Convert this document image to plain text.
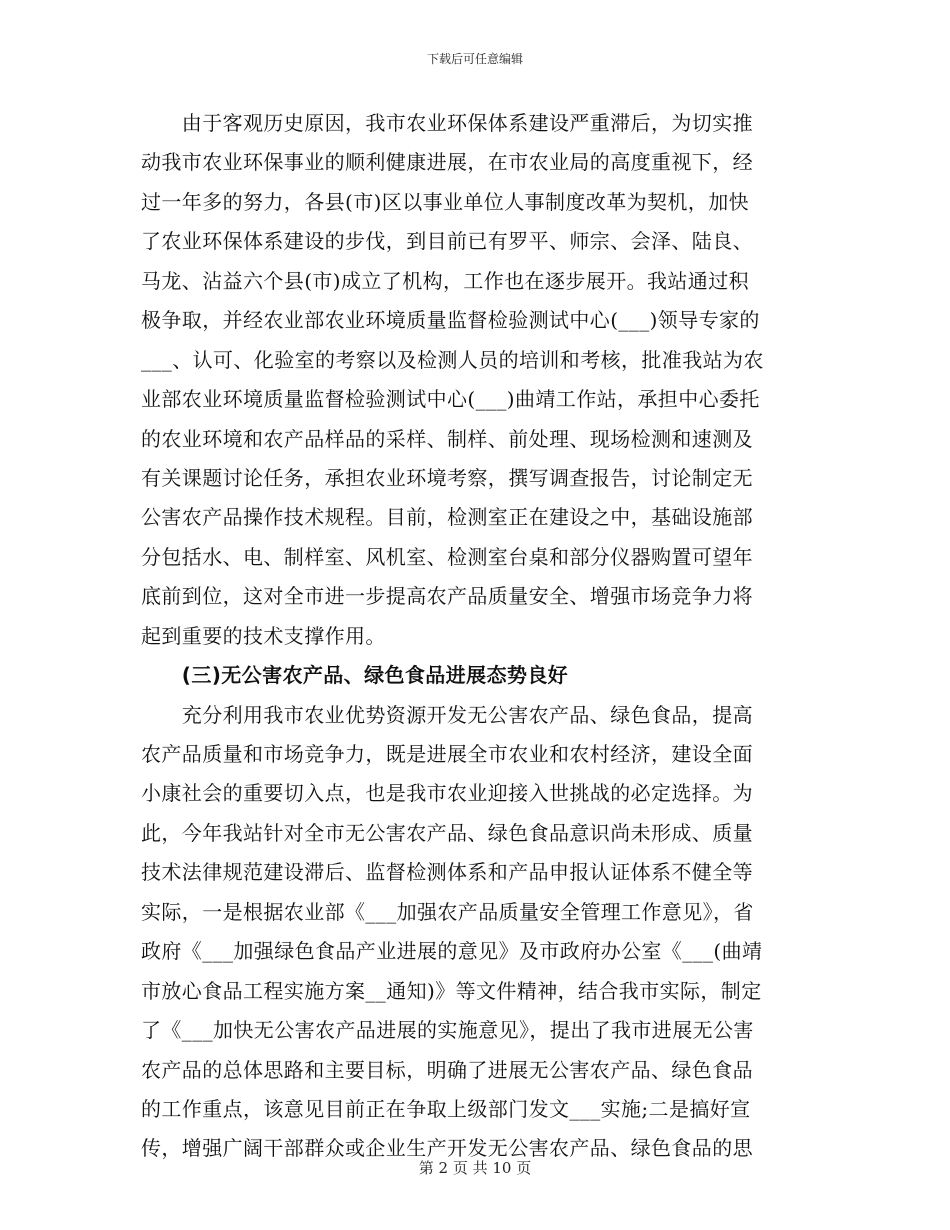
下载后可任意编辑
　　由于客观历史原因，我市农业环保体系建设严重滞后，为切实推
动我市农业环保事业的顺利健康进展，在市农业局的高度重视下，经
过一年多的努力，各县(市)区以事业单位人事制度改革为契机，加快
了农业环保体系建设的步伐，到目前已有罗平、师宗、会泽、陆良、
马龙、沾益六个县(市)成立了机构，工作也在逐步展开。我站通过积
极争取，并经农业部农业环境质量监督检验测试中心(___)领导专家的
___、认可、化验室的考察以及检测人员的培训和考核，批准我站为农
业部农业环境质量监督检验测试中心(___)曲靖工作站，承担中心委托
的农业环境和农产品样品的采样、制样、前处理、现场检测和速测及
有关课题讨论任务，承担农业环境考察，撰写调查报告，讨论制定无
公害农产品操作技术规程。目前，检测室正在建设之中，基础设施部
分包括水、电、制样室、风机室、检测室台桌和部分仪器购置可望年
底前到位，这对全市进一步提高农产品质量安全、增强市场竞争力将
起到重要的技术支撑作用。
　　(三)无公害农产品、绿色食品进展态势良好
　　充分利用我市农业优势资源开发无公害农产品、绿色食品，提高
农产品质量和市场竞争力，既是进展全市农业和农村经济，建设全面
小康社会的重要切入点，也是我市农业迎接入世挑战的必定选择。为
此，今年我站针对全市无公害农产品、绿色食品意识尚未形成、质量
技术法律规范建设滞后、监督检测体系和产品申报认证体系不健全等
实际，一是根据农业部《___加强农产品质量安全管理工作意见》，省
政府《___加强绿色食品产业进展的意见》及市政府办公室《___(曲靖
市放心食品工程实施方案__通知)》等文件精神，结合我市实际，制定
了《___加快无公害农产品进展的实施意见》，提出了我市进展无公害
农产品的总体思路和主要目标，明确了进展无公害农产品、绿色食品
的工作重点，该意见目前正在争取上级部门发文___实施;二是搞好宣
传，增强广阔干部群众或企业生产开发无公害农产品、绿色食品的思
第 2 页 共 10 页
